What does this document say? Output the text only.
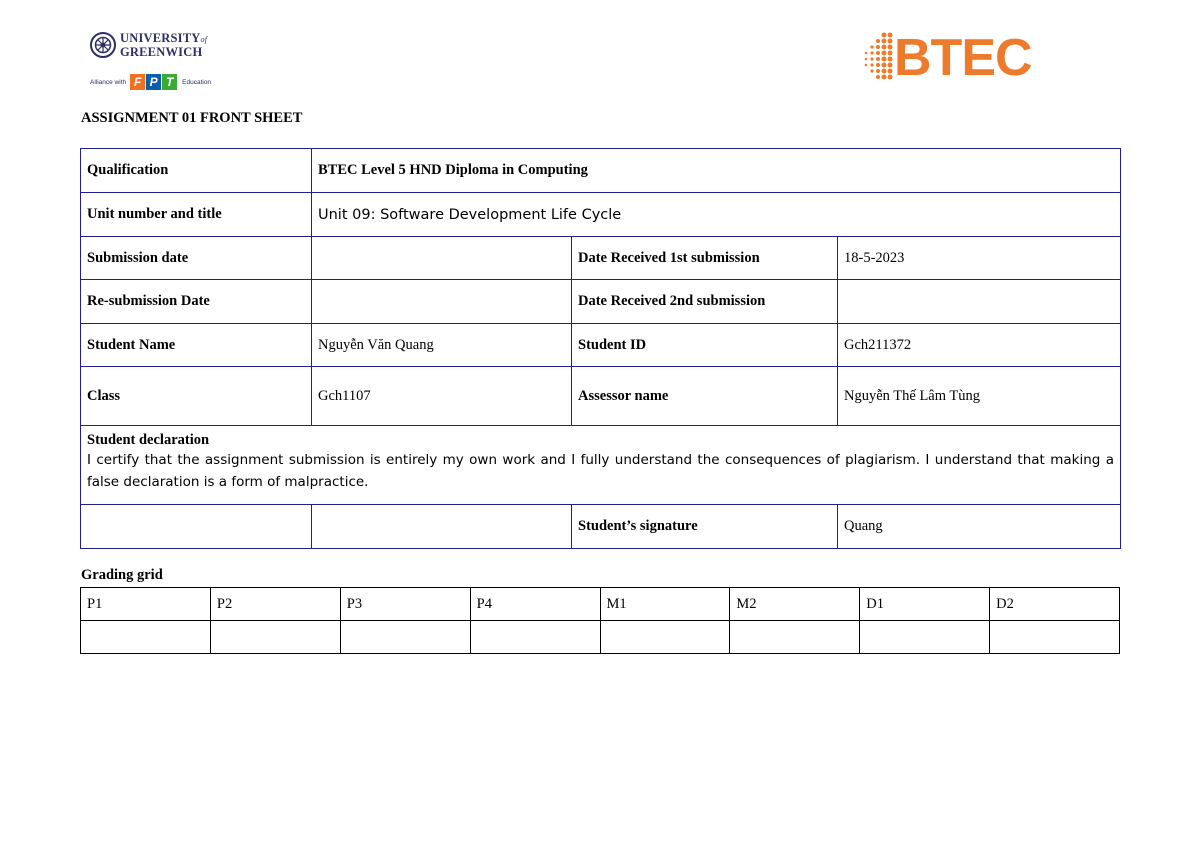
UNIVERSITYof
GREENWICH
Alliance with F P T	Education	BTEC
ASSIGNMENT 01 FRONT SHEET
Qualification	BTEC Level 5 HND Diploma in Computing		
Unit number and title	Unit 09: Software Development Life Cycle		
Submission date		Date Received 1st submission	18-5-2023
Re-submission Date		Date Received 2nd submission	
Student Name	Nguyễn Văn Quang	Student ID	Gch211372
Class	Gch1107	Assessor name	Nguyễn Thế Lâm Tùng

Student declaration
I certify that the assignment submission is entirely my own work and I fully understand the consequences of plagiarism. I understand that making a false declaration is a form of malpractice.			

		Student’s signature	Quang
Grading grid
P1	P2	P3	P4	M1	M2	D1	D2
